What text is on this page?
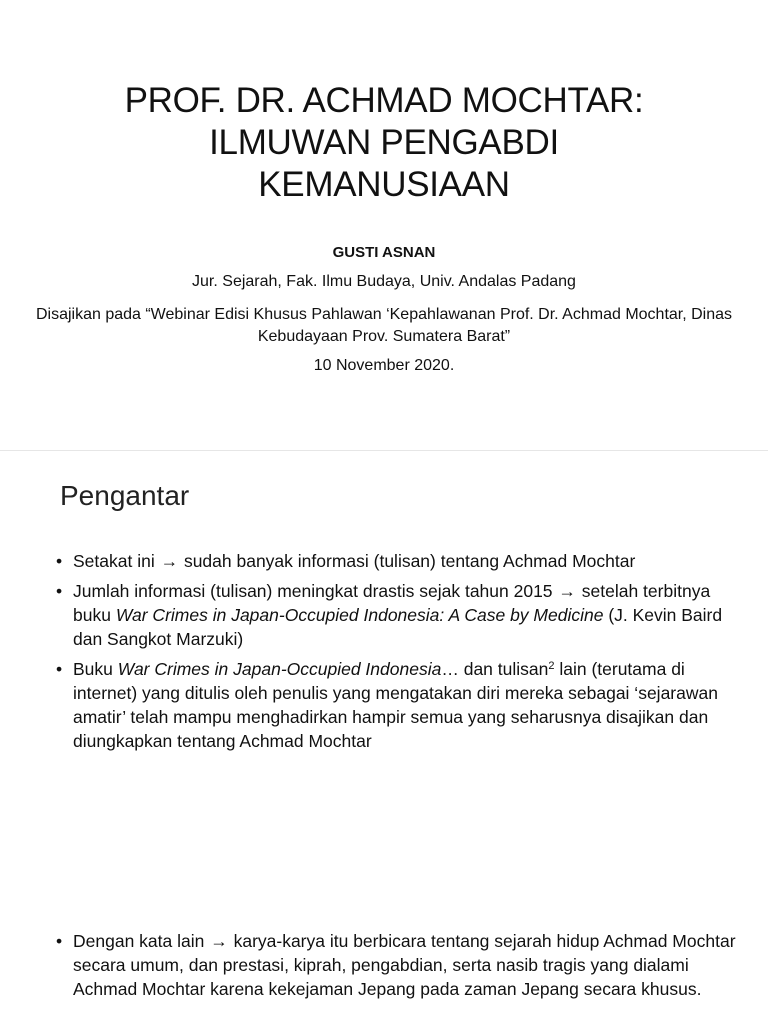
PROF. DR. ACHMAD MOCHTAR:
ILMUWAN PENGABDI
KEMANUSIAAN
GUSTI ASNAN
Jur. Sejarah, Fak. Ilmu Budaya, Univ. Andalas Padang
Disajikan pada “Webinar Edisi Khusus Pahlawan ‘Kepahlawanan Prof. Dr. Achmad Mochtar, Dinas Kebudayaan Prov. Sumatera Barat”
10 November 2020.
Pengantar
• Setakat ini → sudah banyak informasi (tulisan) tentang Achmad Mochtar
• Jumlah informasi (tulisan) meningkat drastis sejak tahun 2015 → setelah terbitnya buku War Crimes in Japan-Occupied Indonesia: A Case by Medicine (J. Kevin Baird dan Sangkot Marzuki)
• Buku War Crimes in Japan-Occupied Indonesia… dan tulisan$^2$ lain (terutama di internet) yang ditulis oleh penulis yang mengatakan diri mereka sebagai ‘sejarawan amatir’ telah mampu menghadirkan hampir semua yang seharusnya disajikan dan diungkapkan tentang Achmad Mochtar
• Dengan kata lain → karya-karya itu berbicara tentang sejarah hidup Achmad Mochtar secara umum, dan prestasi, kiprah, pengabdian, serta nasib tragis yang dialami Achmad Mochtar karena kekejaman Jepang pada zaman Jepang secara khusus.
